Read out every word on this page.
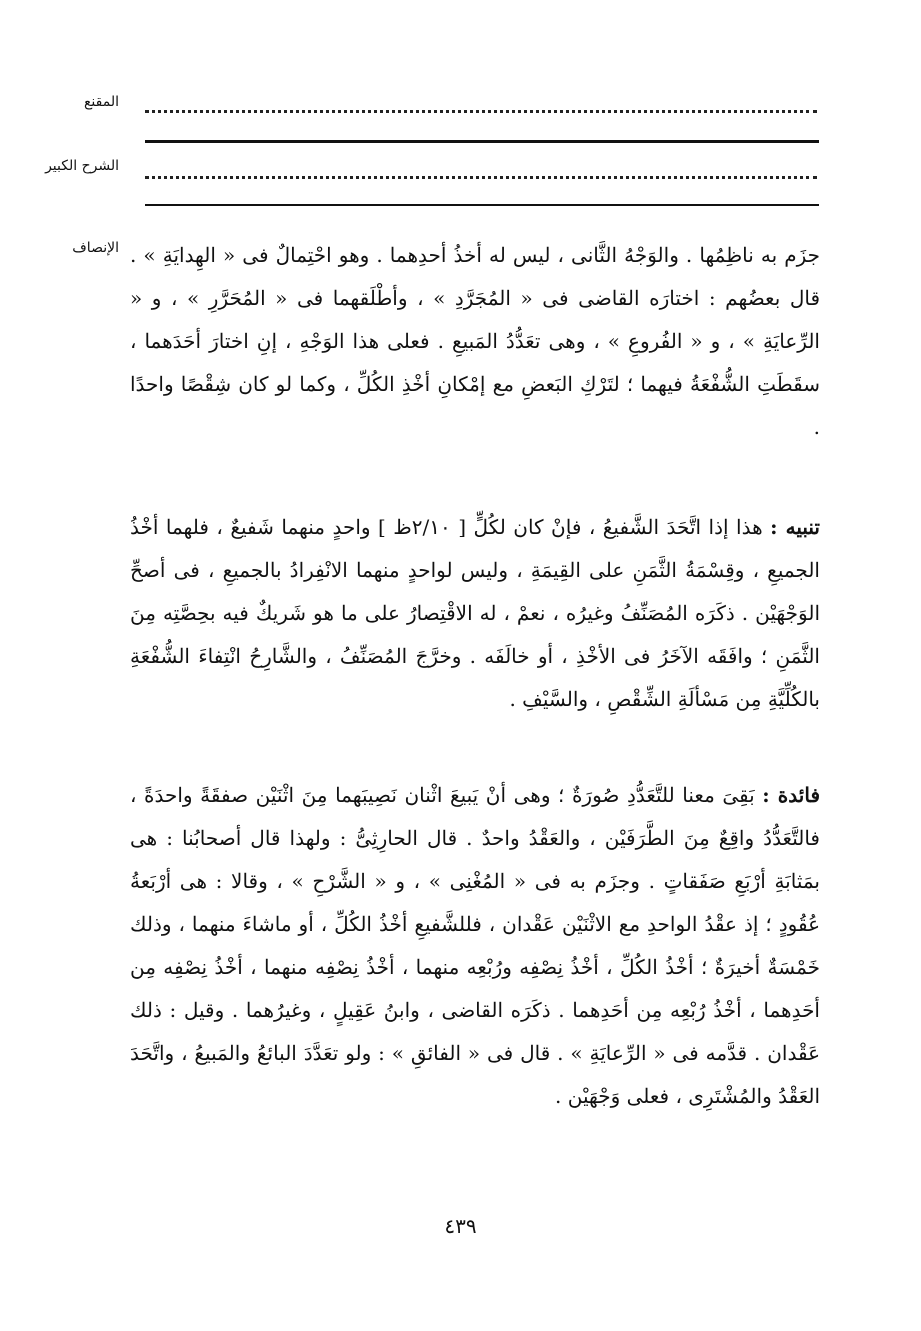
المقنع
الشرح الكبير
الإنصاف جزَم به ناظِمُها . والوَجْهُ الثَّانى ، ليس له أخذُ أحدِهما . وهو احْتِمالٌ فى « الهِدايَةِ » . قال بعضُهم : اختارَه القاضى فى « المُجَرَّدِ » ، وأطْلَقهما فى « المُحَرَّرِ » ، و « الرِّعايَةِ » ، و « الفُروعِ » ، وهى تعَدُّدُ المَبيعِ . فعلى هذا الوَجْهِ ، إنِ اختارَ أحَدَهما ، سقَطَتِ الشُّفْعَةُ فيهما ؛ لتَرْكِ البَعضِ مع إمْكانِ أخْذِ الكُلِّ ، وكما لو كان شِقْصًا واحدًا .
تنبيه : هذا إذا اتَّحَدَ الشَّفيعُ ، فإنْ كان لكُلٍّ [ ٢/١٠ظ ] واحدٍ منهما شَفيعٌ ، فلهما أخْذُ الجميعِ ، وقِسْمَةُ الثَّمَنِ على القِيمَةِ ، وليس لواحدٍ منهما الانْفِرادُ بالجميعِ ، فى أصحِّ الوَجْهَيْن . ذكَرَه المُصَنِّفُ وغيرُه ، نعمْ ، له الاقْتِصارُ على ما هو شَريكٌ فيه بحِصَّتِه مِنَ الثَّمَنِ ؛ وافَقَه الآخَرُ فى الأخْذِ ، أو خالَفَه . وخرَّجَ المُصَنِّفُ ، والشَّارِحُ انْتِفاءَ الشُّفْعَةِ بالكُلِّيَّةِ مِن مَسْألَةِ الشِّقْصِ ، والسَّيْفِ .
فائدة : بَقِىَ معنا للتَّعَدُّدِ صُورَةٌ ؛ وهى أنْ يَبيعَ اثْنان نَصِيبَهما مِنَ اثْنَيْن صفقَةً واحدَةً ، فالتَّعَدُّدُ واقِعٌ مِنَ الطَّرَفَيْن ، والعَقْدُ واحدٌ . قال الحارِثِىُّ : ولهذا قال أصحابُنا : هى بمَثابَةِ أرْبَعِ صَفَقاتٍ . وجزَم به فى « المُغْنِى » ، و « الشَّرْحِ » ، وقالا : هى أرْبَعةُ عُقُودٍ ؛ إذ عقْدُ الواحدِ مع الاثْنَيْن عَقْدان ، فللشَّفيعِ أخْذُ الكُلِّ ، أو ماشاءَ منهما ، وذلك خَمْسَةٌ أخيرَةٌ ؛ أخْذُ الكُلِّ ، أخْذُ نِصْفِه ورُبْعِه منهما ، أخْذُ نِصْفِه منهما ، أخْذُ نِصْفِه مِن أحَدِهما ، أخْذُ رُبْعِه مِن أحَدِهما . ذكَرَه القاضى ، وابنُ عَقِيلٍ ، وغيرُهما . وقيل : ذلك عَقْدان . قدَّمه فى « الرِّعايَةِ » . قال فى « الفائقِ » : ولو تعَدَّدَ البائعُ والمَبيعُ ، واتَّحَدَ العَقْدُ والمُشْتَرِى ، فعلى وَجْهَيْن .
٤٣٩
